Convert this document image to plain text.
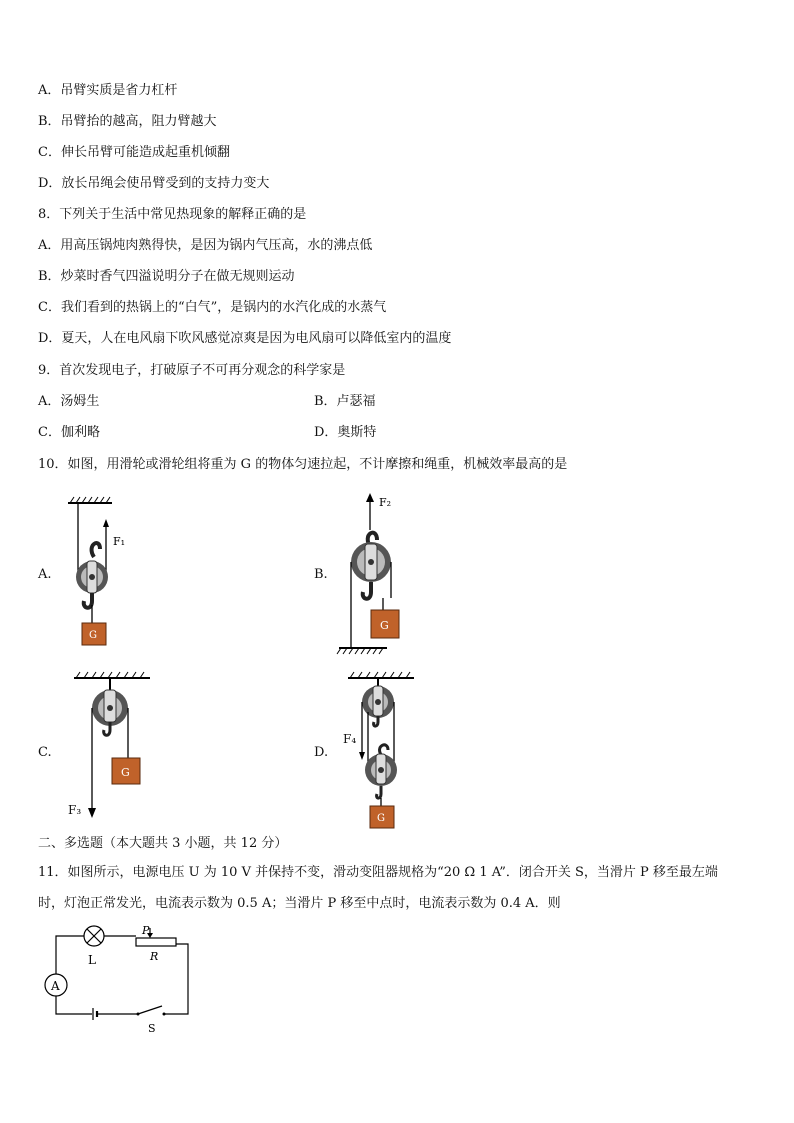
A．吊臂实质是省力杠杆
B．吊臂抬的越高，阻力臂越大
C．伸长吊臂可能造成起重机倾翻
D．放长吊绳会使吊臂受到的支持力变大
8．下列关于生活中常见热现象的解释正确的是
A．用高压锅炖肉熟得快，是因为锅内气压高，水的沸点低
B．炒菜时香气四溢说明分子在做无规则运动
C．我们看到的热锅上的“白气”，是锅内的水汽化成的水蒸气
D．夏天，人在电风扇下吹风感觉凉爽是因为电风扇可以降低室内的温度
9．首次发现电子，打破原子不可再分观念的科学家是
A．汤姆生	B．卢瑟福
C．伽利略	D．奥斯特
10．如图，用滑轮或滑轮组将重为 G 的物体匀速拉起，不计摩擦和绳重，机械效率最高的是
A.	B.
C.	D.
F₁
G
F₂
G
G
F₃
G
F₄
二、多选题（本大题共 3 小题，共 12 分）
11．如图所示，电源电压 U 为 10 V 并保持不变，滑动变阻器规格为“20 Ω 1 A”．闭合开关 S，当滑片 P 移至最左端
时，灯泡正常发光，电流表示数为 0.5 A；当滑片 P 移至中点时，电流表示数为 0.4 A．则
A
L
P
R
S
